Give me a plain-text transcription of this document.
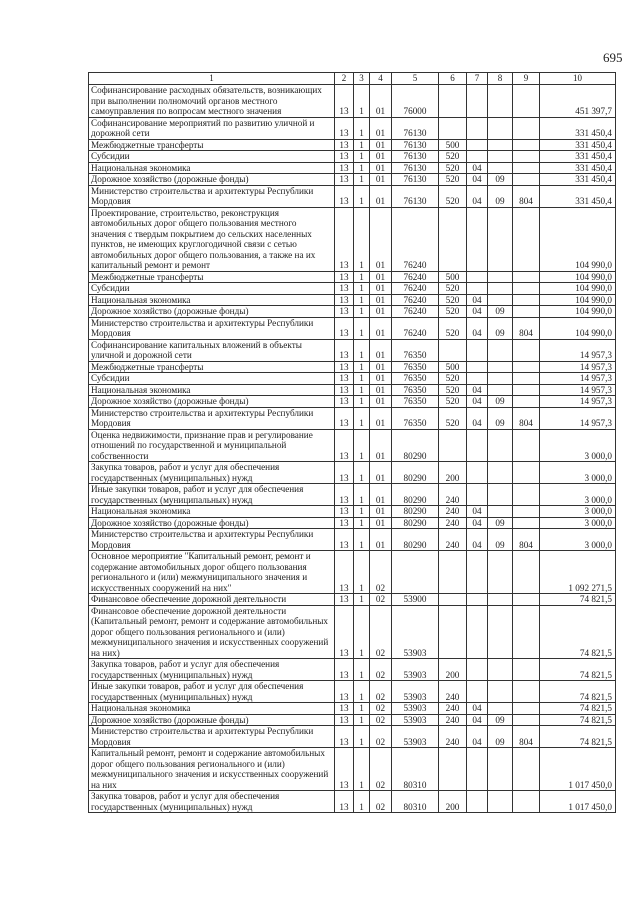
695
1	2	3	4	5	6	7	8	9	10
Софинансирование расходных обязательств, возникающих при выполнении полномочий органов местного самоуправления по вопросам местного значения	13	1	01	76000					451 397,7
Софинансирование мероприятий по развитию уличной и дорожной сети	13	1	01	76130					331 450,4
Межбюджетные трансферты	13	1	01	76130	500				331 450,4
Субсидии	13	1	01	76130	520				331 450,4
Национальная экономика	13	1	01	76130	520	04			331 450,4
Дорожное хозяйство (дорожные фонды)	13	1	01	76130	520	04	09		331 450,4
Министерство строительства и архитектуры Республики Мордовия	13	1	01	76130	520	04	09	804	331 450,4
Проектирование, строительство, реконструкция автомобильных дорог общего пользования местного значения с твердым покрытием до сельских населенных пунктов, не имеющих круглогодичной связи с сетью автомобильных дорог общего пользования, а также на их капитальный ремонт и ремонт	13	1	01	76240					104 990,0
Межбюджетные трансферты	13	1	01	76240	500				104 990,0
Субсидии	13	1	01	76240	520				104 990,0
Национальная экономика	13	1	01	76240	520	04			104 990,0
Дорожное хозяйство (дорожные фонды)	13	1	01	76240	520	04	09		104 990,0
Министерство строительства и архитектуры Республики Мордовия	13	1	01	76240	520	04	09	804	104 990,0
Софинансирование капитальных вложений в объекты уличной и дорожной сети	13	1	01	76350					14 957,3
Межбюджетные трансферты	13	1	01	76350	500				14 957,3
Субсидии	13	1	01	76350	520				14 957,3
Национальная экономика	13	1	01	76350	520	04			14 957,3
Дорожное хозяйство (дорожные фонды)	13	1	01	76350	520	04	09		14 957,3
Министерство строительства и архитектуры Республики Мордовия	13	1	01	76350	520	04	09	804	14 957,3
Оценка недвижимости, признание прав и регулирование отношений по государственной и муниципальной собственности	13	1	01	80290					3 000,0
Закупка товаров, работ и услуг для обеспечения государственных (муниципальных) нужд	13	1	01	80290	200				3 000,0
Иные закупки товаров, работ и услуг для обеспечения государственных (муниципальных) нужд	13	1	01	80290	240				3 000,0
Национальная экономика	13	1	01	80290	240	04			3 000,0
Дорожное хозяйство (дорожные фонды)	13	1	01	80290	240	04	09		3 000,0
Министерство строительства и архитектуры Республики Мордовия	13	1	01	80290	240	04	09	804	3 000,0
Основное мероприятие "Капитальный ремонт, ремонт и содержание автомобильных дорог общего пользования регионального и (или) межмуниципального значения и искусственных сооружений на них"	13	1	02						1 092 271,5
Финансовое обеспечение дорожной деятельности	13	1	02	53900					74 821,5
Финансовое обеспечение дорожной деятельности (Капитальный ремонт, ремонт и содержание автомобильных дорог общего пользования регионального и (или) межмуниципального значения и искусственных сооружений на них)	13	1	02	53903					74 821,5
Закупка товаров, работ и услуг для обеспечения государственных (муниципальных) нужд	13	1	02	53903	200				74 821,5
Иные закупки товаров, работ и услуг для обеспечения государственных (муниципальных) нужд	13	1	02	53903	240				74 821,5
Национальная экономика	13	1	02	53903	240	04			74 821,5
Дорожное хозяйство (дорожные фонды)	13	1	02	53903	240	04	09		74 821,5
Министерство строительства и архитектуры Республики Мордовия	13	1	02	53903	240	04	09	804	74 821,5
Капитальный ремонт, ремонт и содержание автомобильных дорог общего пользования регионального и (или) межмуниципального значения и искусственных сооружений на них	13	1	02	80310					1 017 450,0
Закупка товаров, работ и услуг для обеспечения государственных (муниципальных) нужд	13	1	02	80310	200				1 017 450,0
